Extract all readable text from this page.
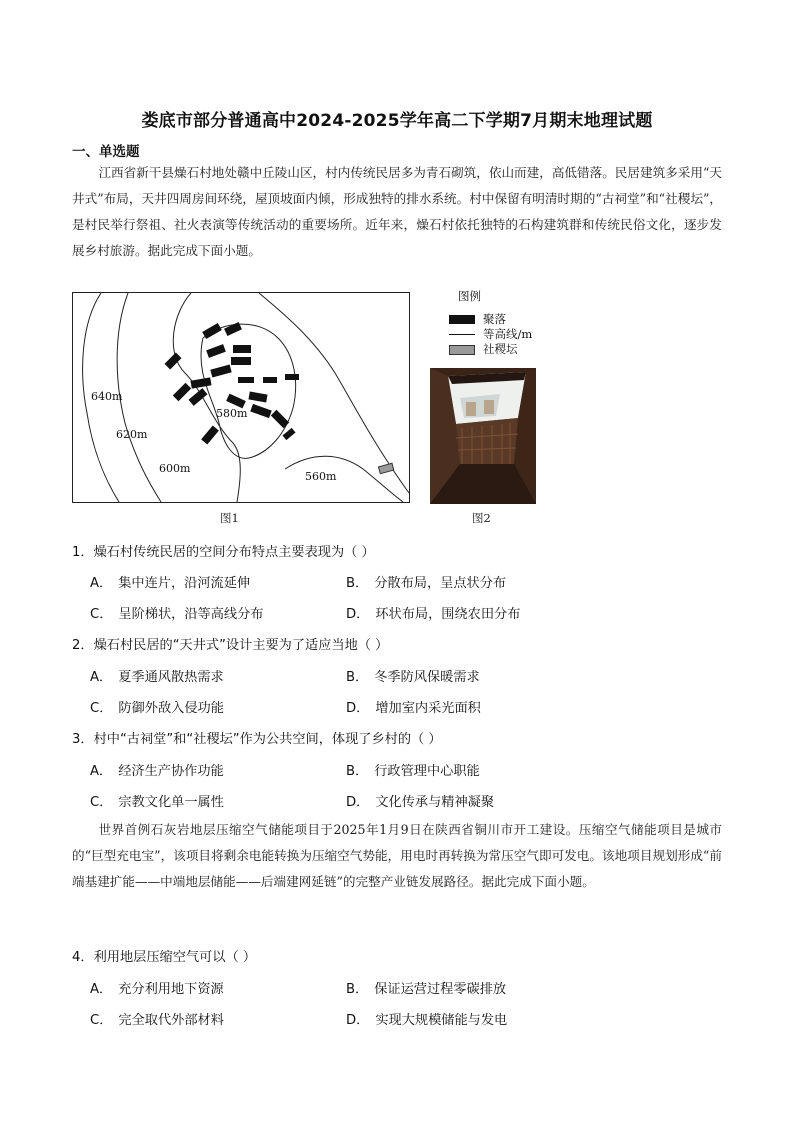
娄底市部分普通高中2024-2025学年高二下学期7月期末地理试题
一、单选题
江西省新干县燥石村地处赣中丘陵山区，村内传统民居多为青石砌筑，依山而建，高低错落。民居建筑多采用“天井式”布局，天井四周房间环绕，屋顶坡面内倾，形成独特的排水系统。村中保留有明清时期的“古祠堂”和“社稷坛”，是村民举行祭祖、社火表演等传统活动的重要场所。近年来，燥石村依托独特的石构建筑群和传统民俗文化，逐步发展乡村旅游。据此完成下面小题。
640m
620m
580m
600m
560m
图1
图例
聚落
等高线/m
社稷坛
图2
1．燥石村传统民居的空间分布特点主要表现为（ ）
A． 集中连片，沿河流延伸	B． 分散布局，呈点状分布
C． 呈阶梯状，沿等高线分布	D． 环状布局，围绕农田分布
2．燥石村民居的“天井式”设计主要为了适应当地（ ）
A． 夏季通风散热需求	B． 冬季防风保暖需求
C． 防御外敌入侵功能	D． 增加室内采光面积
3．村中“古祠堂”和“社稷坛”作为公共空间，体现了乡村的（ ）
A． 经济生产协作功能	B． 行政管理中心职能
C． 宗教文化单一属性	D． 文化传承与精神凝聚
世界首例石灰岩地层压缩空气储能项目于2025年1月9日在陕西省铜川市开工建设。压缩空气储能项目是城市的“巨型充电宝”，该项目将剩余电能转换为压缩空气势能，用电时再转换为常压空气即可发电。该地项目规划形成“前端基建扩能——中端地层储能——后端建网延链”的完整产业链发展路径。据此完成下面小题。
4．利用地层压缩空气可以（ ）
A． 充分利用地下资源	B． 保证运营过程零碳排放
C． 完全取代外部材料	D． 实现大规模储能与发电
